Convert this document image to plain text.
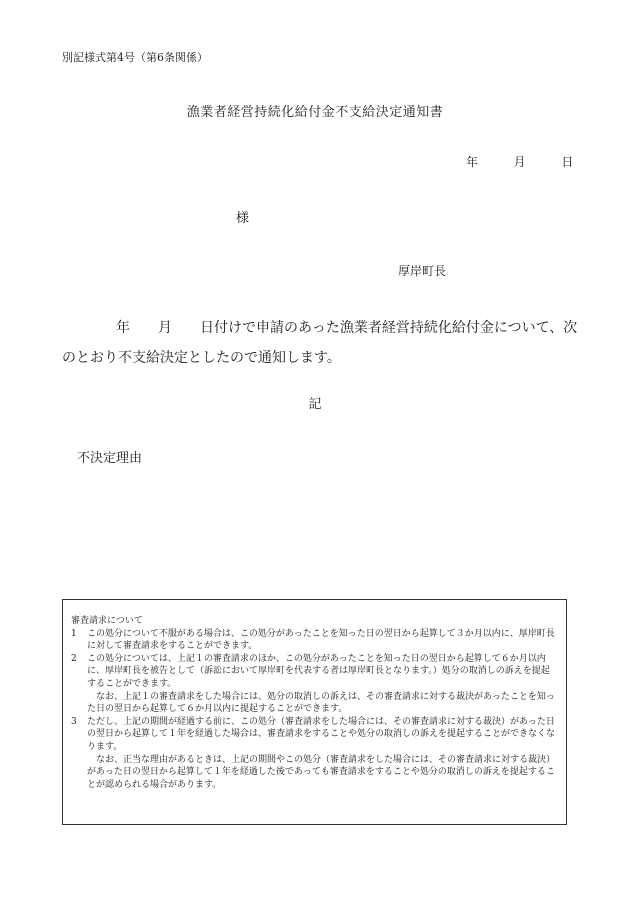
別記様式第4号（第6条関係）
漁業者経営持続化給付金不支給決定通知書
年	月	日
様
厚岸町長
年　　月　　日付けで申請のあった漁業者経営持続化給付金について、次
のとおり不支給決定としたので通知します。
記
不決定理由
審査請求について
1	この処分について不服がある場合は、この処分があったことを知った日の翌日から起算して３か月以内に、厚岸町長に対して審査請求をすることができます。
2	この処分については、上記１の審査請求のほか、この処分があったことを知った日の翌日から起算して６か月以内に、厚岸町長を被告として（訴訟において厚岸町を代表する者は厚岸町長となります。）処分の取消しの訴えを提起することができます。
なお、上記１の審査請求をした場合には、処分の取消しの訴えは、その審査請求に対する裁決があったことを知った日の翌日から起算して６か月以内に提起することができます。
3	ただし、上記の期間が経過する前に、この処分（審査請求をした場合には、その審査請求に対する裁決）があった日の翌日から起算して１年を経過した場合は、審査請求をすることや処分の取消しの訴えを提起することができなくなります。
なお、正当な理由があるときは、上記の期間やこの処分（審査請求をした場合には、その審査請求に対する裁決）があった日の翌日から起算して１年を経過した後であっても審査請求をすることや処分の取消しの訴えを提起することが認められる場合があります。
